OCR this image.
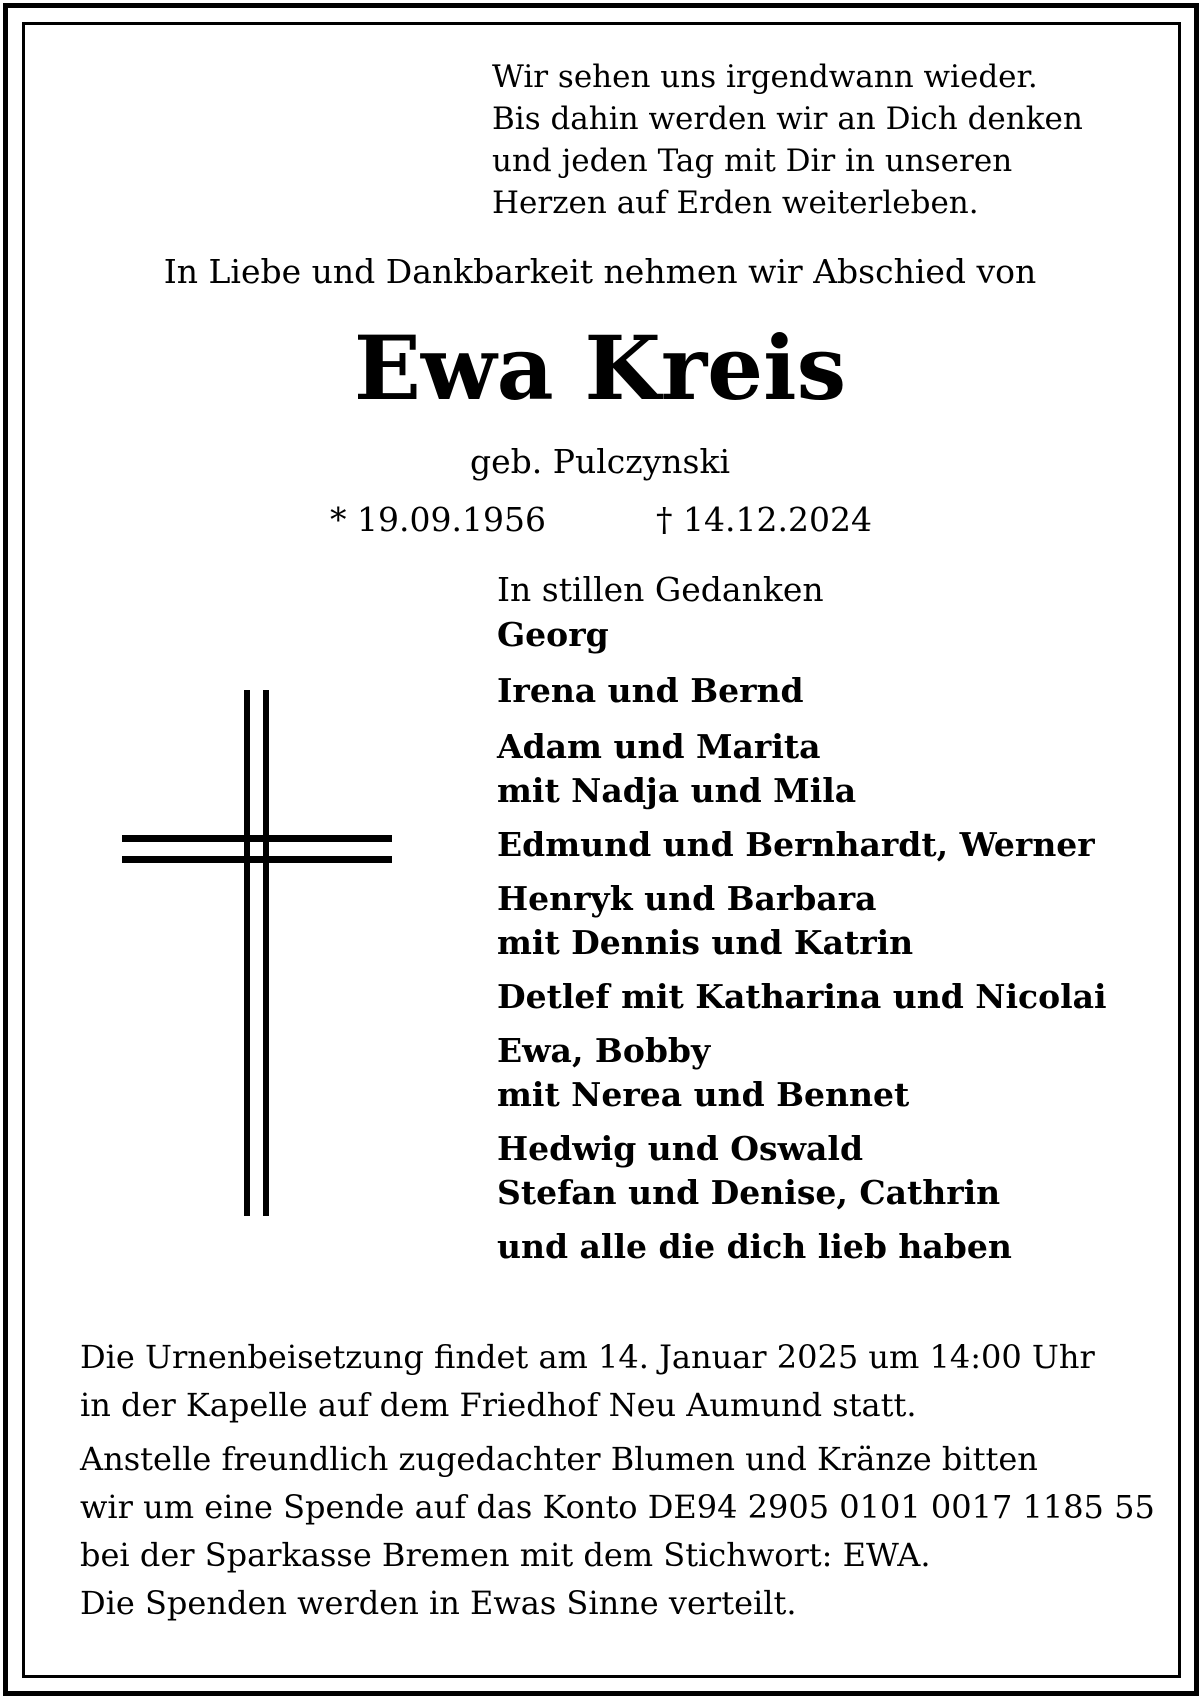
Wir sehen uns irgendwann wieder.
Bis dahin werden wir an Dich denken
und jeden Tag mit Dir in unseren
Herzen auf Erden weiterleben.
In Liebe und Dankbarkeit nehmen wir Abschied von
Ewa Kreis
geb. Pulczynski
* 19.09.1956	† 14.12.2024
In stillen Gedanken
Georg
Irena und Bernd
Adam und Marita
mit Nadja und Mila
Edmund und Bernhardt, Werner
Henryk und Barbara
mit Dennis und Katrin
Detlef mit Katharina und Nicolai
Ewa, Bobby
mit Nerea und Bennet
Hedwig und Oswald
Stefan und Denise, Cathrin
und alle die dich lieb haben
Die Urnenbeisetzung findet am 14. Januar 2025 um 14:00 Uhr
in der Kapelle auf dem Friedhof Neu Aumund statt.
Anstelle freundlich zugedachter Blumen und Kränze bitten
wir um eine Spende auf das Konto DE94 2905 0101 0017 1185 55
bei der Sparkasse Bremen mit dem Stichwort: EWA.
Die Spenden werden in Ewas Sinne verteilt.
